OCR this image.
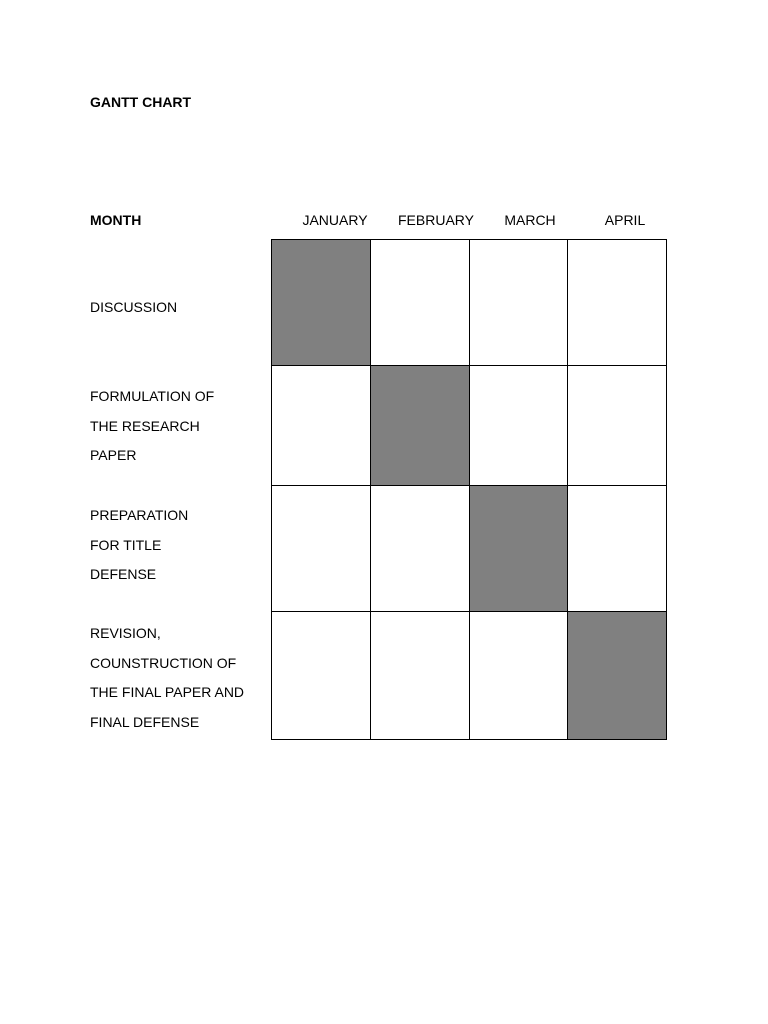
GANTT CHART
MONTH	JANUARY FEBRUARY MARCH	APRIL
DISCUSSION
FORMULATION OF
THE RESEARCH
PAPER
PREPARATION
FOR TITLE
DEFENSE
REVISION,
COUNSTRUCTION OF
THE FINAL PAPER AND
FINAL DEFENSE
